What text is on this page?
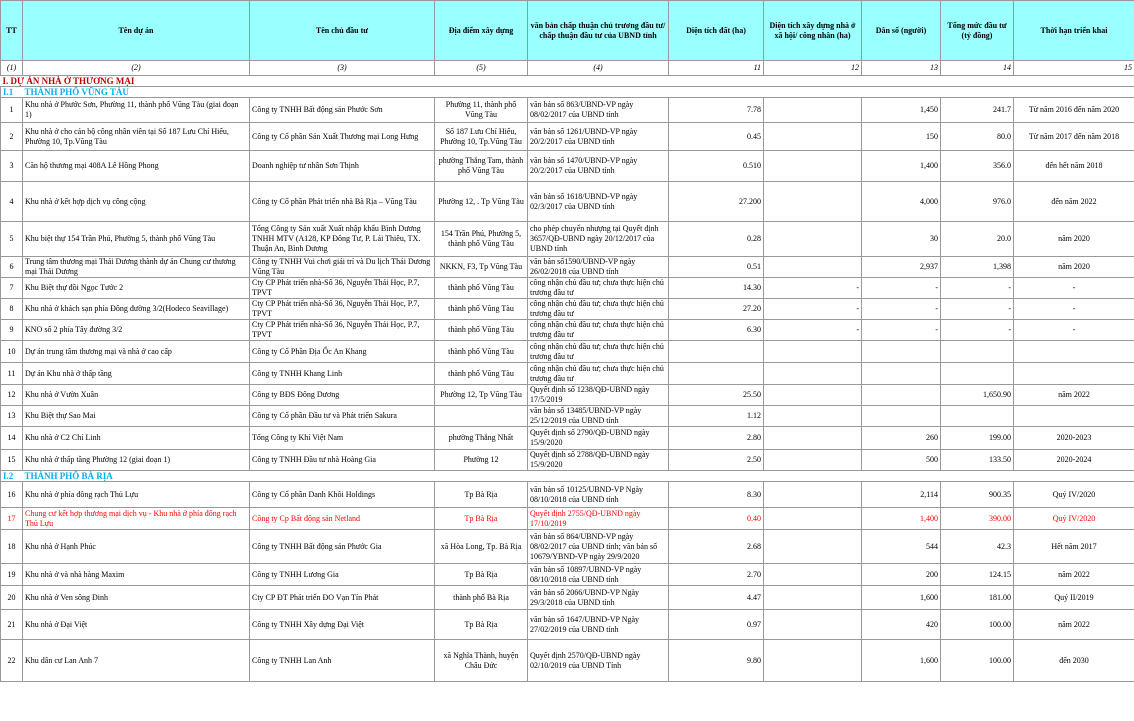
TT	Tên dự án	Tên chủ đầu tư	Địa điểm xây dựng	văn bản chấp thuận chủ trương đầu tư/ chấp thuận đầu tư của UBND tỉnh	Diện tích đất (ha)	Diện tích xây dựng nhà ở xã hội/ công nhân (ha)	Dân số (người)	Tổng mức đầu tư (tỷ đồng)	Thời hạn triển khai
(1)	(2)	(3)	(5)	(4)	11	12	13	14	15
I. DỰ ÁN NHÀ Ở THƯƠNG MẠI									
I.1	THÀNH PHỐ VŨNG TÀU								
1	Khu nhà ở Phước Sơn, Phường 11, thành phố Vũng Tàu (giai đoạn 1)	Công ty TNHH Bất động sản Phước Sơn	Phường 11, thành phố Vũng Tàu	văn bản số 863/UBND-VP ngày 08/02/2017 của UBND tỉnh	7.78		1,450	241.7	Từ năm 2016 đến năm 2020
2	Khu nhà ở cho cán bộ công nhân viên tại Số 187 Lưu Chí Hiếu, Phường 10, Tp.Vũng Tàu	Công ty Cổ phần Sản Xuất Thương mại Long Hưng	Số 187 Lưu Chí Hiếu, Phường 10, Tp.Vũng Tàu	văn bản số 1261/UBND-VP ngày 20/2/2017 của UBND tỉnh	0.45		150	80.0	Từ năm 2017 đến năm 2018
3	Căn hộ thương mại 408A Lê Hồng Phong	Doanh nghiệp tư nhân Sơn Thịnh	phường Thắng Tam, thành phố Vũng Tàu	văn bản số 1470/UBND-VP ngày 20/2/2017 của UBND tỉnh	0.510		1,400	356.0	đến hết năm 2018
4	Khu nhà ở kết hợp dịch vụ công cộng	Công ty Cổ phần Phát triển nhà Bà Rịa – Vũng Tàu	Phường 12, . Tp Vũng Tàu	văn bản số 1618/UBND-VP ngày 02/3/2017 của UBND tỉnh	27.200		4,000	976.0	đến năm 2022
5	Khu biệt thự 154 Trần Phú, Phường 5, thành phố Vũng Tàu	Tổng Công ty Sản xuất Xuất nhập khẩu Bình Dương TNHH MTV (A128, KP Đông Tư, P. Lái Thiêu, TX. Thuận An, Bình Dương	154 Trần Phú, Phường 5, thành phố Vũng Tàu	cho phép chuyển nhượng tại Quyết định 3657/QĐ-UBND ngày 20/12/2017 của UBND tỉnh	0.28		30	20.0	năm 2020
6	Trung tâm thương mại Thái Dương thành dự án Chung cư thương mại Thái Dương	Công ty TNHH Vui chơi giải trí và Du lịch Thái Dương Vũng Tàu	NKKN, F3, Tp Vũng Tàu	văn bản số1590/UBND-VP ngày 26/02/2018 của UBND tỉnh	0.51		2,937	1,398	năm 2020
7	Khu Biệt thự đồi Ngọc Tước 2	Cty CP Phát triển nhà-Số 36, Nguyễn Thái Học, P.7, TPVT	thành phố Vũng Tàu	công nhận chủ đầu tư; chưa thực hiện chủ trương đầu tư	14.30	-	-	-	-
8	Khu nhà ở khách sạn phía Đông đường 3/2(Hodeco Seavillage)	Cty CP Phát triển nhà-Số 36, Nguyễn Thái Học, P.7, TPVT	thành phố Vũng Tàu	công nhận chủ đầu tư; chưa thực hiện chủ trương đầu tư	27.20	-	-	-	-
9	KNO số 2 phía Tây đường 3/2	Cty CP Phát triển nhà-Số 36, Nguyễn Thái Học, P.7, TPVT	thành phố Vũng Tàu	công nhận chủ đầu tư; chưa thực hiện chủ trương đầu tư	6.30	-	-	-	-
10	Dự án trung tâm thương mại và nhà ở cao cấp	Công ty Cổ Phần Địa Ốc An Khang	thành phố Vũng Tàu	công nhận chủ đầu tư; chưa thực hiện chủ trương đầu tư					
11	Dự án Khu nhà ở thấp tầng	Công ty TNHH Khang Linh	thành phố Vũng Tàu	công nhận chủ đầu tư; chưa thực hiện chủ trương đầu tư					
12	Khu nhà ở Vườn Xuân	Công ty BĐS Đông Dương	Phường 12, Tp Vũng Tàu	Quyết định số 1238/QĐ-UBND ngày 17/5/2019	25.50			1,650.90	năm 2022
13	Khu Biệt thự Sao Mai	Công ty Cổ phần Đầu tư và Phát triển Sakura		văn bản số 13485/UBND-VP ngày 25/12/2019 của UBND tỉnh	1.12				
14	Khu nhà ở C2 Chí Linh	Tổng Công ty Khí Việt Nam	phường Thắng Nhất	Quyết định số 2790/QĐ-UBND ngày 15/9/2020	2.80		260	199.00	2020-2023
15	Khu nhà ở thấp tầng Phường 12 (giai đoạn 1)	Công ty TNHH Đầu tư nhà Hoàng Gia	Phường 12	Quyết định số 2788/QĐ-UBND ngày 15/9/2020	2.50		500	133.50	2020-2024
I.2	THÀNH PHỐ BÀ RỊA								
16	Khu nhà ở phía đông rạch Thủ Lựu	Công ty Cổ phần Danh Khôi Holdings	Tp Bà Rịa	văn bản số 10125/UBND-VP Ngày 08/10/2018 của UBND tỉnh	8.30		2,114	900.35	Quý IV/2020
17	Chung cư kết hợp thương mại dịch vụ - Khu nhà ở phía đông rạch Thủ Lựu	Công ty Cp Bất động sản Netland	Tp Bà Rịa	Quyết định 2755/QĐ-UBND ngày 17/10/2019	0.40		1,400	390.00	Quý IV/2020
18	Khu nhà ở Hạnh Phúc	Công ty TNHH Bất động sản Phước Gia	xã Hòa Long, Tp. Bà Rịa	văn bản số 864/UBND-VP ngày 08/02/2017 của UBND tỉnh; văn bản số 10679/YBND-VP ngày 29/9/2020	2.68		544	42.3	Hết năm 2017
19	Khu nhà ở và nhà hàng Maxim	Công ty TNHH Lương Gia	Tp Bà Rịa	văn bản số 10897/UBND-VP ngày 08/10/2018 của UBND tỉnh	2.70		200	124.15	năm 2022
20	Khu nhà ở Ven sông Dinh	Cty CP ĐT Phát triển ĐO Vạn Tín Phát	thành phố Bà Rịa	văn bản số 2066/UBND-VP Ngày 29/3/2018 của UBND tỉnh	4.47		1,600	181.00	Quý II/2019
21	Khu nhà ở Đại Việt	Công ty TNHH Xây dựng Đại Việt	Tp Bà Rịa	văn bản số 1647/UBND-VP Ngày 27/02/2019 của UBND tỉnh	0.97		420	100.00	năm 2022
22	Khu dân cư Lan Anh 7	Công ty TNHH Lan Anh	xã Nghĩa Thành, huyện Châu Đức	Quyết định 2570/QĐ-UBND ngày 02/10/2019 của UBND Tỉnh	9.80		1,600	100.00	đến 2030
